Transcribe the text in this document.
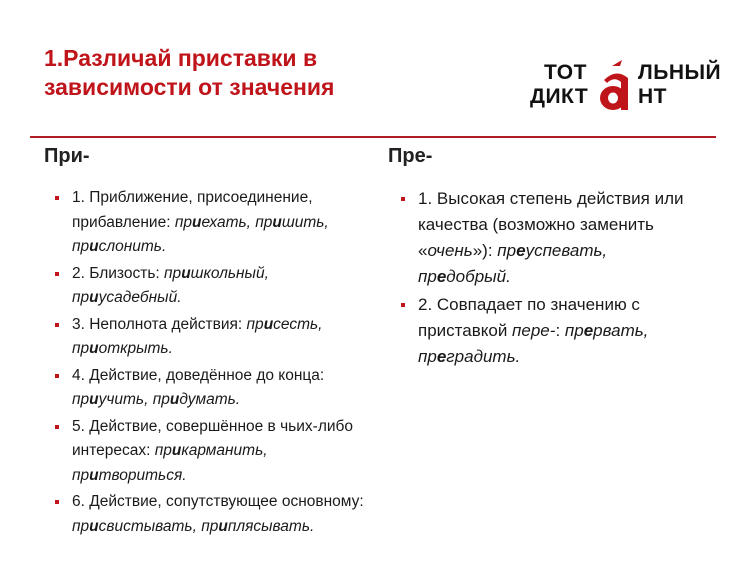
1.Различай приставки в
зависимости от значения
ТОТ ЛЬНЫЙ
ДИКТ НТ
При-	Пре-
1. Приближение, присоединение, прибавление: приехать, пришить, прислонить.
2. Близость: пришкольный, приусадебный.
3. Неполнота действия: присесть, приоткрыть.
4. Действие, доведённое до конца: приучить, придумать.
5. Действие, совершённое в чьих-либо интересах: прикарманить, притвориться.
6. Действие, сопутствующее основному: присвистывать, приплясывать.
1. Высокая степень действия или качества (возможно заменить «очень»): преуспевать, предобрый.
2. Совпадает по значению с приставкой пере-: прервать, преградить.
